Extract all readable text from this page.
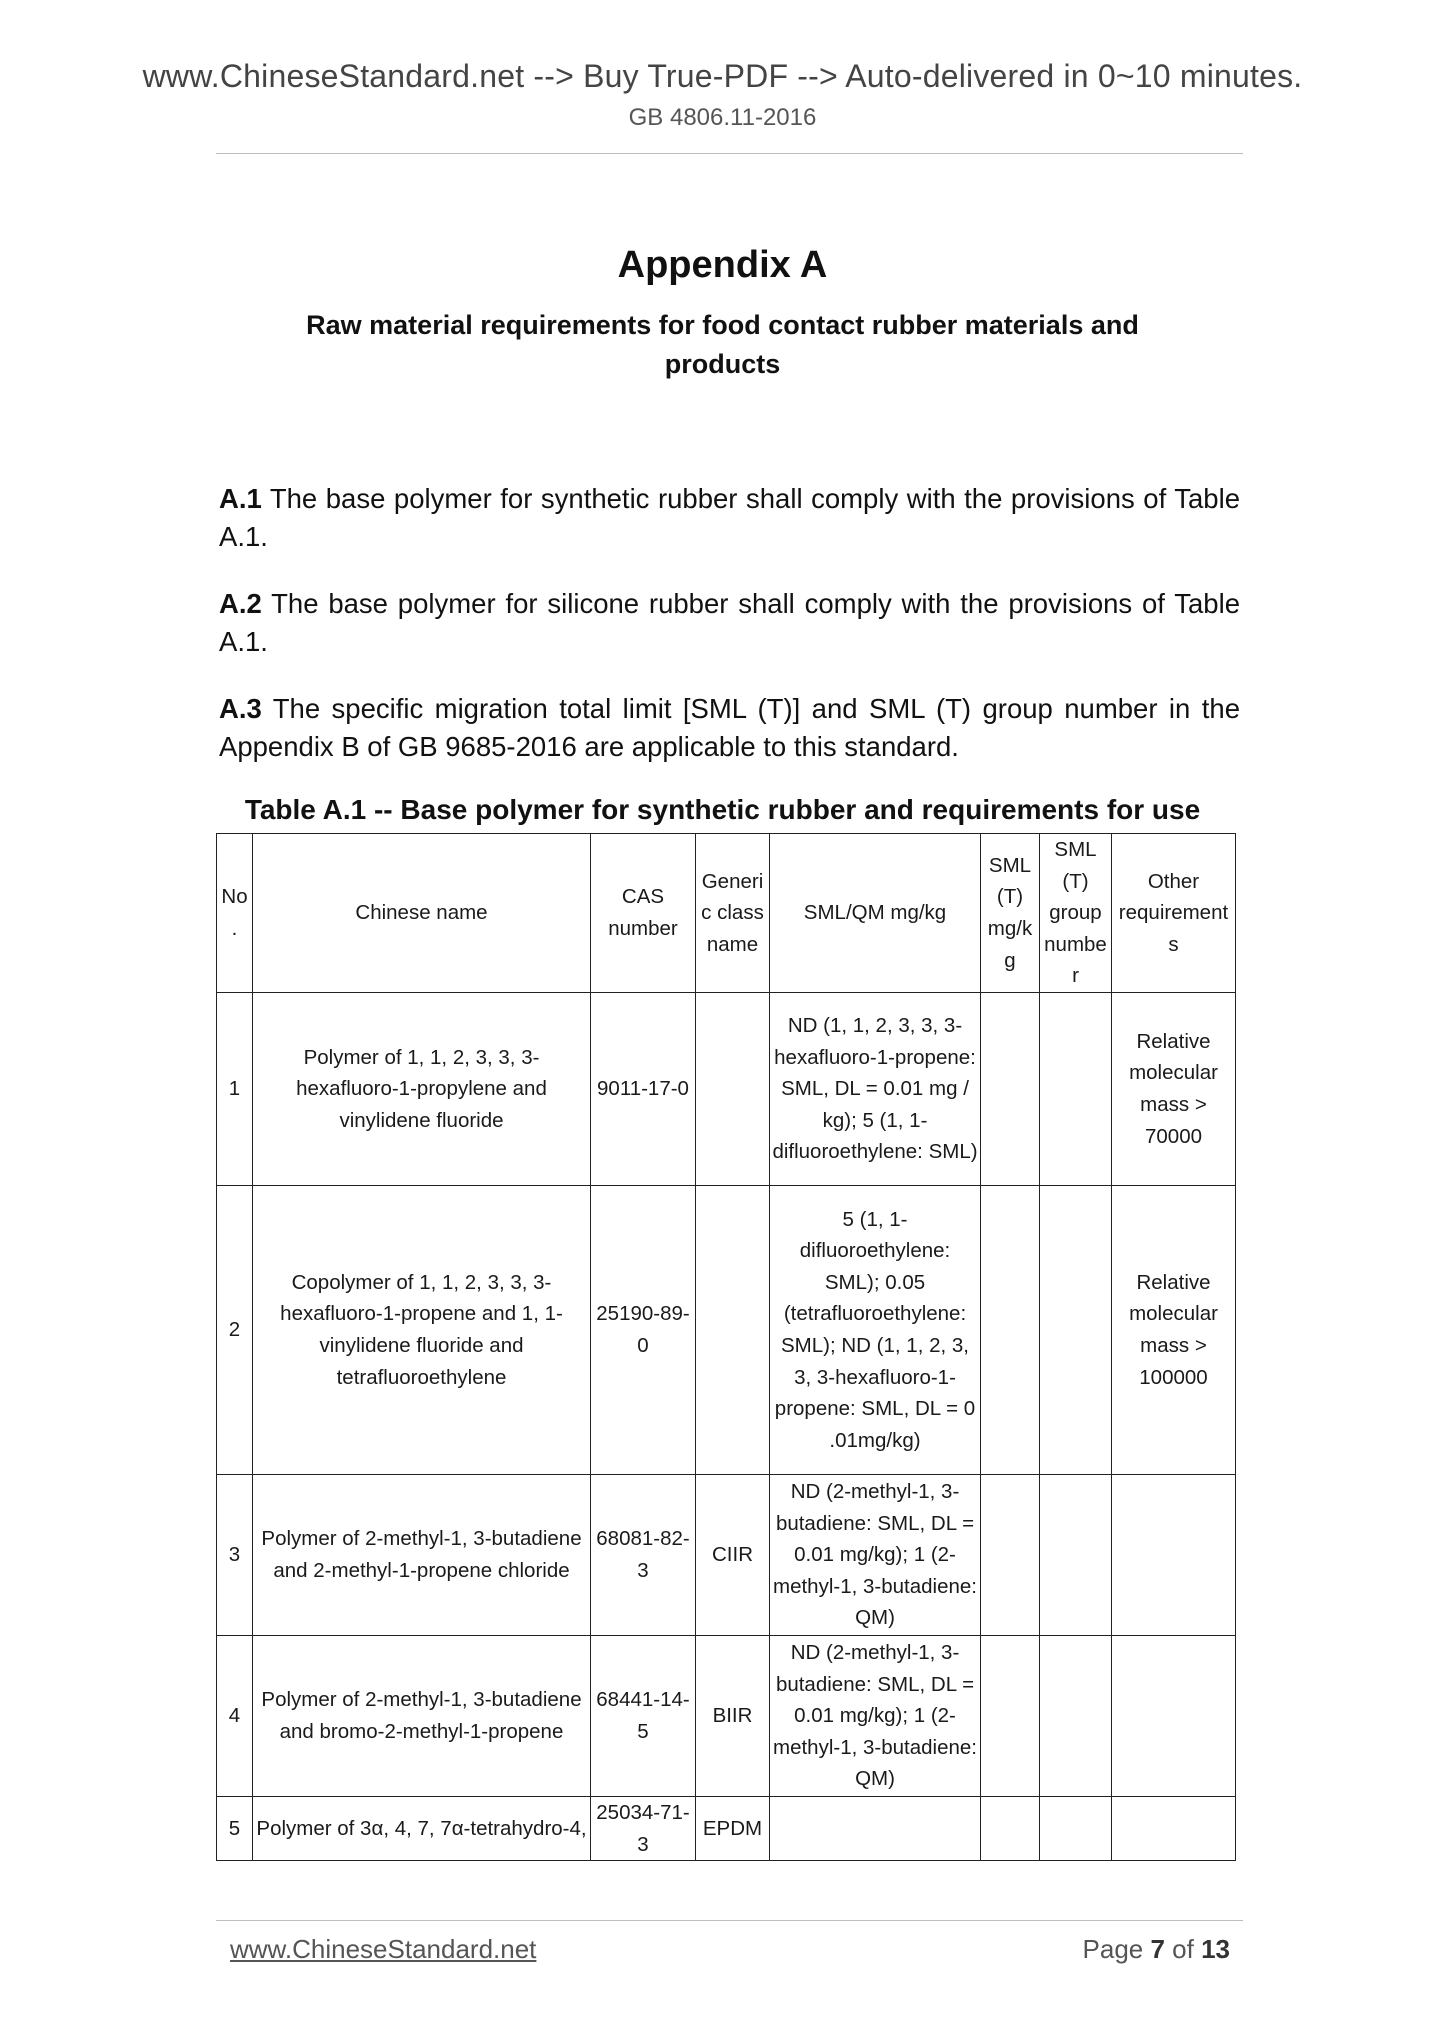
www.ChineseStandard.net --> Buy True-PDF --> Auto-delivered in 0~10 minutes.
GB 4806.11-2016
Appendix A
Raw material requirements for food contact rubber materials and products
A.1 The base polymer for synthetic rubber shall comply with the provisions of Table A.1.
A.2 The base polymer for silicone rubber shall comply with the provisions of Table A.1.
A.3 The specific migration total limit [SML (T)] and SML (T) group number in the Appendix B of GB 9685-2016 are applicable to this standard.
Table A.1 -- Base polymer for synthetic rubber and requirements for use
No.	Chinese name	CAS number	Generic class name	SML/QM mg/kg	SML (T) mg/kg	SML (T) group number	Other requirements
1	Polymer of 1, 1, 2, 3, 3, 3-hexafluoro-1-propylene and vinylidene fluoride	9011-17-0		ND (1, 1, 2, 3, 3, 3-hexafluoro-1-propene: SML, DL = 0.01 mg / kg); 5 (1, 1-difluoroethylene: SML)			Relative molecular mass > 70000
2	Copolymer of 1, 1, 2, 3, 3, 3-hexafluoro-1-propene and 1, 1-vinylidene fluoride and tetrafluoroethylene	25190-89-0		5 (1, 1-difluoroethylene: SML); 0.05 (tetrafluoroethylene: SML); ND (1, 1, 2, 3, 3, 3-hexafluoro-1-propene: SML, DL = 0 .01mg/kg)			Relative molecular mass > 100000
3	Polymer of 2-methyl-1, 3-butadiene and 2-methyl-1-propene chloride	68081-82-3	CIIR	ND (2-methyl-1, 3-butadiene: SML, DL = 0.01 mg/kg); 1 (2-methyl-1, 3-butadiene: QM)			
4	Polymer of 2-methyl-1, 3-butadiene and bromo-2-methyl-1-propene	68441-14-5	BIIR	ND (2-methyl-1, 3-butadiene: SML, DL = 0.01 mg/kg); 1 (2-methyl-1, 3-butadiene: QM)			
5	Polymer of 3α, 4, 7, 7α-tetrahydro-4,	25034-71-3	EPDM				
www.ChineseStandard.net	Page 7 of 13
